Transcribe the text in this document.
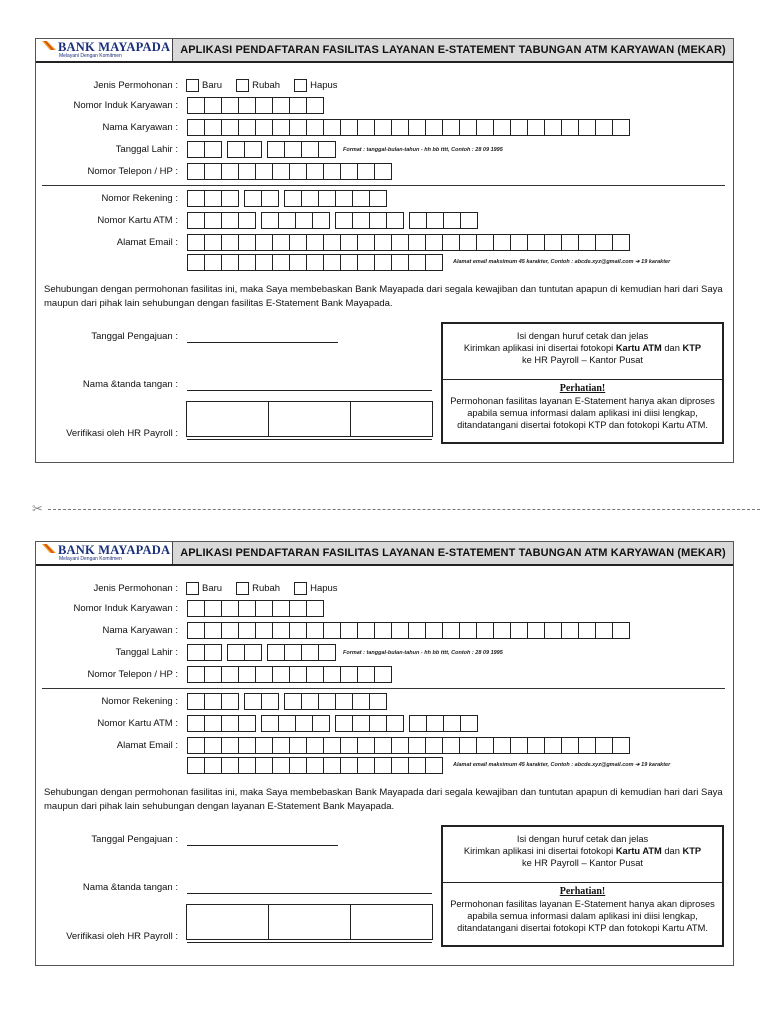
BANK MAYAPADA
Melayani Dengan Komitmen	APLIKASI PENDAFTARAN FASILITAS LAYANAN E-STATEMENT TABUNGAN ATM KARYAWAN (MEKAR)
Jenis Permohonan :	Baru	Rubah	Hapus
Nomor Induk Karyawan :
Nama Karyawan :
Tanggal Lahir :	Format : tanggal-bulan-tahun - hh bb tttt, Contoh : 28 09 1995
Nomor Telepon / HP :
Nomor Rekening :
Nomor Kartu ATM :
Alamat Email :
Alamat email maksimum 45 karakter, Contoh : abcde.xyz@gmail.com ➔ 19 karakter
Sehubungan dengan permohonan fasilitas ini, maka Saya membebaskan Bank Mayapada dari segala kewajiban dan tuntutan apapun di kemudian hari dari Saya maupun dari pihak lain sehubungan dengan fasilitas E-Statement Bank Mayapada.
Tanggal Pengajuan :
Nama &tanda tangan :
Verifikasi oleh HR Payroll :
Isi dengan huruf cetak dan jelas
Kirimkan aplikasi ini disertai fotokopi Kartu ATM dan KTP
ke HR Payroll – Kantor Pusat
Perhatian!
Permohonan fasilitas layanan E-Statement hanya akan diproses apabila semua informasi dalam aplikasi ini diisi lengkap, ditandatangani disertai fotokopi KTP dan fotokopi Kartu ATM.
✂
BANK MAYAPADA
Melayani Dengan Komitmen	APLIKASI PENDAFTARAN FASILITAS LAYANAN E-STATEMENT TABUNGAN ATM KARYAWAN (MEKAR)
Jenis Permohonan :	Baru	Rubah	Hapus
Nomor Induk Karyawan :
Nama Karyawan :
Tanggal Lahir :	Format : tanggal-bulan-tahun - hh bb tttt, Contoh : 28 09 1995
Nomor Telepon / HP :
Nomor Rekening :
Nomor Kartu ATM :
Alamat Email :
Alamat email maksimum 45 karakter, Contoh : abcde.xyz@gmail.com ➔ 19 karakter
Sehubungan dengan permohonan fasilitas ini, maka Saya membebaskan Bank Mayapada dari segala kewajiban dan tuntutan apapun di kemudian hari dari Saya maupun dari pihak lain sehubungan dengan layanan E-Statement Bank Mayapada.
Tanggal Pengajuan :
Nama &tanda tangan :
Verifikasi oleh HR Payroll :
Isi dengan huruf cetak dan jelas
Kirimkan aplikasi ini disertai fotokopi Kartu ATM dan KTP
ke HR Payroll – Kantor Pusat
Perhatian!
Permohonan fasilitas layanan E-Statement hanya akan diproses apabila semua informasi dalam aplikasi ini diisi lengkap, ditandatangani disertai fotokopi KTP dan fotokopi Kartu ATM.
